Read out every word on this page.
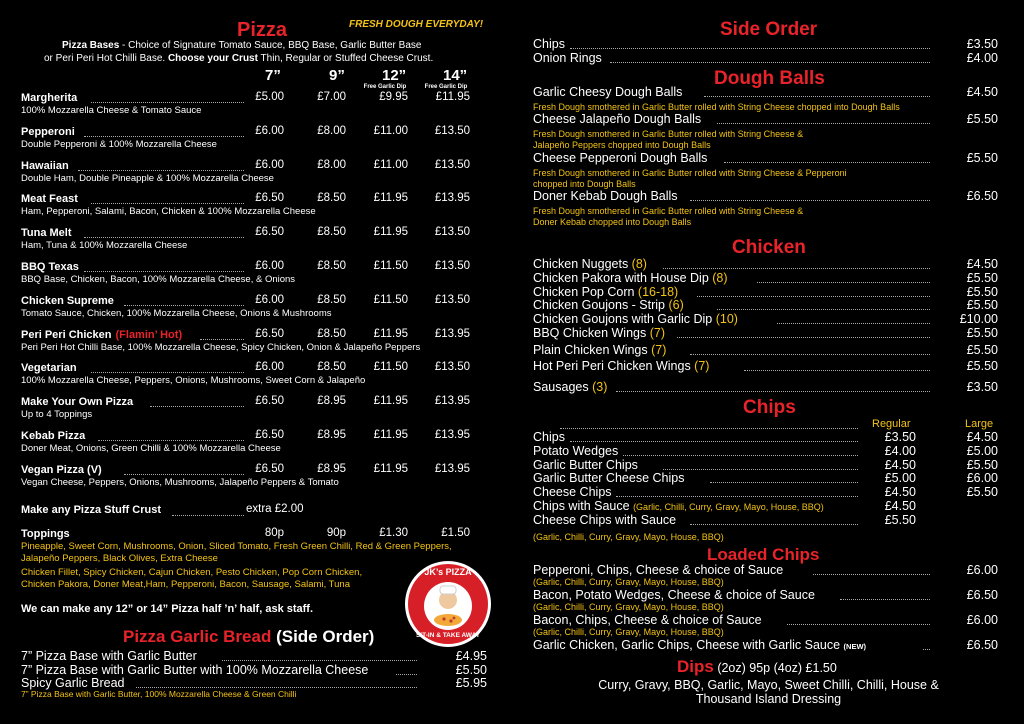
Pizza	FRESH DOUGH EVERYDAY!
Pizza Bases - Choice of Signature Tomato Sauce, BBQ Base, Garlic Butter Base
or Peri Peri Hot Chilli Base. Choose your Crust Thin, Regular or Stuffed Cheese Crust.
7”	9” 12” 14”
Free Garlic Dip	Free Garlic Dip
Margherita	£5.00	£7.00	£9.95	£11.95
100% Mozzarella Cheese & Tomato Sauce
Pepperoni	£6.00	£8.00	£11.00	£13.50
Double Pepperoni & 100% Mozzarella Cheese
Hawaiian	£6.00	£8.00	£11.00	£13.50
Double Ham, Double Pineapple & 100% Mozzarella Cheese
Meat Feast	£6.50	£8.50	£11.95	£13.95
Ham, Pepperoni, Salami, Bacon, Chicken & 100% Mozzarella Cheese
Tuna Melt	£6.50	£8.50	£11.95	£13.50
Ham, Tuna & 100% Mozzarella Cheese
BBQ Texas	£6.00	£8.50	£11.50	£13.50
BBQ Base, Chicken, Bacon, 100% Mozzarella Cheese, & Onions
Chicken Supreme	£6.00	£8.50	£11.50	£13.50
Tomato Sauce, Chicken, 100% Mozzarella Cheese, Onions & Mushrooms
Peri Peri Chicken (Flamin’ Hot)	£6.50	£8.50	£11.95	£13.95
Peri Peri Hot Chilli Base, 100% Mozzarella Cheese, Spicy Chicken, Onion & Jalapeño Peppers
Vegetarian	£6.00	£8.50	£11.50	£13.50
100% Mozzarella Cheese, Peppers, Onions, Mushrooms, Sweet Corn & Jalapeño
Make Your Own Pizza	£6.50	£8.95	£11.95	£13.95
Up to 4 Toppings
Kebab Pizza	£6.50	£8.95	£11.95	£13.95
Doner Meat, Onions, Green Chilli & 100% Mozzarella Cheese
Vegan Pizza (V)	£6.50	£8.95	£11.95	£13.95
Vegan Cheese, Peppers, Onions, Mushrooms, Jalapeño Peppers & Tomato
Make any Pizza Stuff Crust	extra £2.00
Toppings	80p	90p	£1.30	£1.50
Pineapple, Sweet Corn, Mushrooms, Onion, Sliced Tomato, Fresh Green Chilli, Red & Green Peppers,
Jalapeño Peppers, Black Olives, Extra Cheese
Chicken Fillet, Spicy Chicken, Cajun Chicken, Pesto Chicken, Pop Corn Chicken,
Chicken Pakora, Doner Meat,Ham, Pepperoni, Bacon, Sausage, Salami, Tuna
We can make any 12” or 14” Pizza half ’n’ half, ask staff.
JK’s PIZZA
SIT-IN & TAKE AWAY
Pizza Garlic Bread (Side Order)
7” Pizza Base with Garlic Butter	£4.95
7” Pizza Base with Garlic Butter with 100% Mozzarella Cheese	£5.50
Spicy Garlic Bread	£5.95
7” Pizza Base with Garlic Butter, 100% Mozzarella Cheese & Green Chilli
Side Order
Chips	£3.50
Onion Rings	£4.00
Dough Balls
Garlic Cheesy Dough Balls	£4.50
Fresh Dough smothered in Garlic Butter rolled with String Cheese chopped into Dough Balls
Cheese Jalapeño Dough Balls	£5.50
Fresh Dough smothered in Garlic Butter rolled with String Cheese &
Jalapeño Peppers chopped into Dough Balls
Cheese Pepperoni Dough Balls	£5.50
Fresh Dough smothered in Garlic Butter rolled with String Cheese & Pepperoni
chopped into Dough Balls
Doner Kebab Dough Balls	£6.50
Fresh Dough smothered in Garlic Butter rolled with String Cheese &
Doner Kebab chopped into Dough Balls
Chicken
Chicken Nuggets (8)	£4.50
Chicken Pakora with House Dip (8)	£5.50
Chicken Pop Corn (16-18)	£5.50
Chicken Goujons - Strip (6)	£5.50
Chicken Goujons with Garlic Dip (10)	£10.00
BBQ Chicken Wings (7)	£5.50
Plain Chicken Wings (7)	£5.50
Hot Peri Peri Chicken Wings (7)	£5.50
Sausages (3)	£3.50
Chips
Regular	Large
Chips	£3.50	£4.50
Potato Wedges	£4.00	£5.00
Garlic Butter Chips	£4.50	£5.50
Garlic Butter Cheese Chips	£5.00	£6.00
Cheese Chips	£4.50	£5.50
Chips with Sauce (Garlic, Chilli, Curry, Gravy, Mayo, House, BBQ)	£4.50
Cheese Chips with Sauce	£5.50
(Garlic, Chilli, Curry, Gravy, Mayo, House, BBQ)
Loaded Chips
Pepperoni, Chips, Cheese & choice of Sauce	£6.00
(Garlic, Chilli, Curry, Gravy, Mayo, House, BBQ)
Bacon, Potato Wedges, Cheese & choice of Sauce	£6.50
(Garlic, Chilli, Curry, Gravy, Mayo, House, BBQ)
Bacon, Chips, Cheese & choice of Sauce	£6.00
(Garlic, Chilli, Curry, Gravy, Mayo, House, BBQ)
Garlic Chicken, Garlic Chips, Cheese with Garlic Sauce (NEW)	£6.50
Dips (2oz) 95p (4oz) £1.50
Curry, Gravy, BBQ, Garlic, Mayo, Sweet Chilli, Chilli, House &
Thousand Island Dressing
